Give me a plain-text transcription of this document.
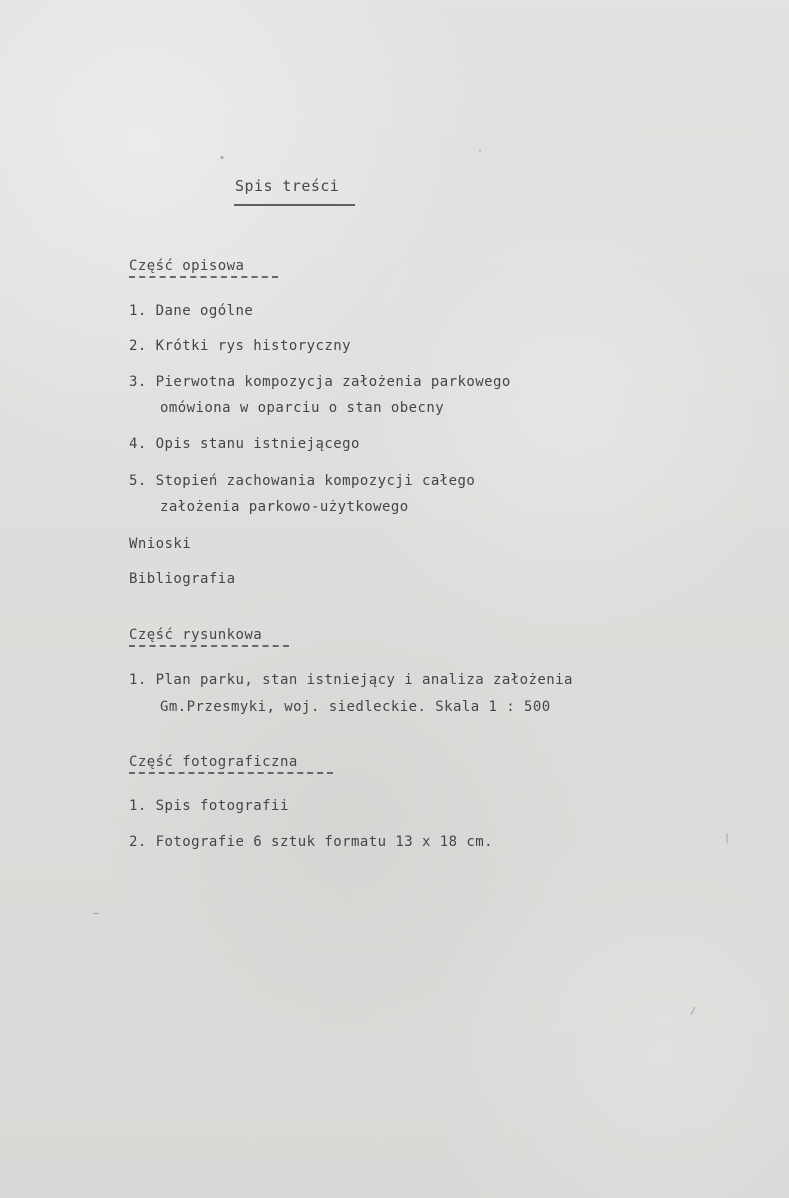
•
·
—
|
/
Spis treści
Część opisowa
1. Dane ogólne
2. Krótki rys historyczny
3. Pierwotna kompozycja założenia parkowego
omówiona w oparciu o stan obecny
4. Opis stanu istniejącego
5. Stopień zachowania kompozycji całego
założenia parkowo-użytkowego
Wnioski
Bibliografia
Część rysunkowa
1. Plan parku, stan istniejący i analiza założenia
Gm.Przesmyki, woj. siedleckie. Skala 1 : 500
Część fotograficzna
1. Spis fotografii
2. Fotografie 6 sztuk formatu 13 x 18 cm.
